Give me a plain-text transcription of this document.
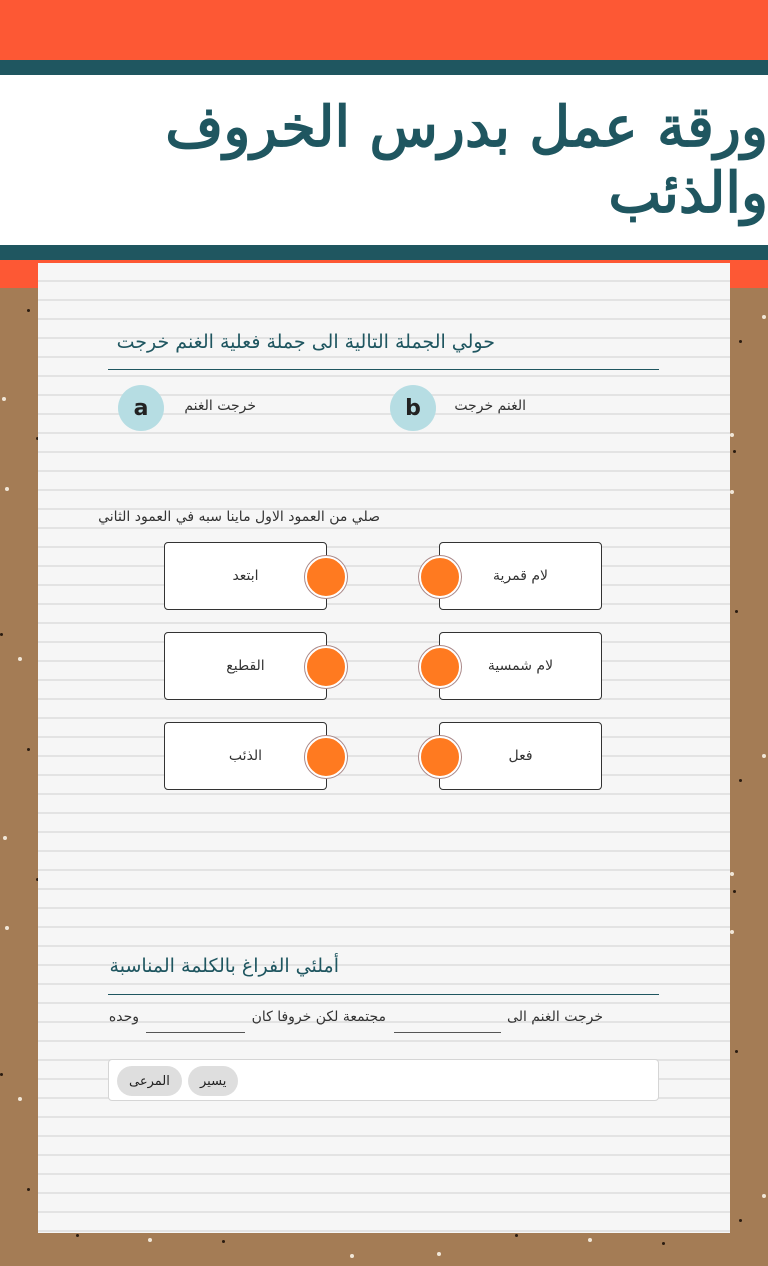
ورقة عمل بدرس الخروف والذئب
حولي الجملة التالية الى جملة فعلية الغنم خرجت
a	خرجت الغنم	b	الغنم خرجت
صلي من العمود الاول ماينا سبه في العمود الثاني
لام قمرية
لام شمسية
فعل
ابتعد
القطيع
الذئب
أملئي الفراغ بالكلمة المناسبة
خرجت الغنم الى
مجتمعة لكن خروفا كان
وحده
يسير
المرعى
